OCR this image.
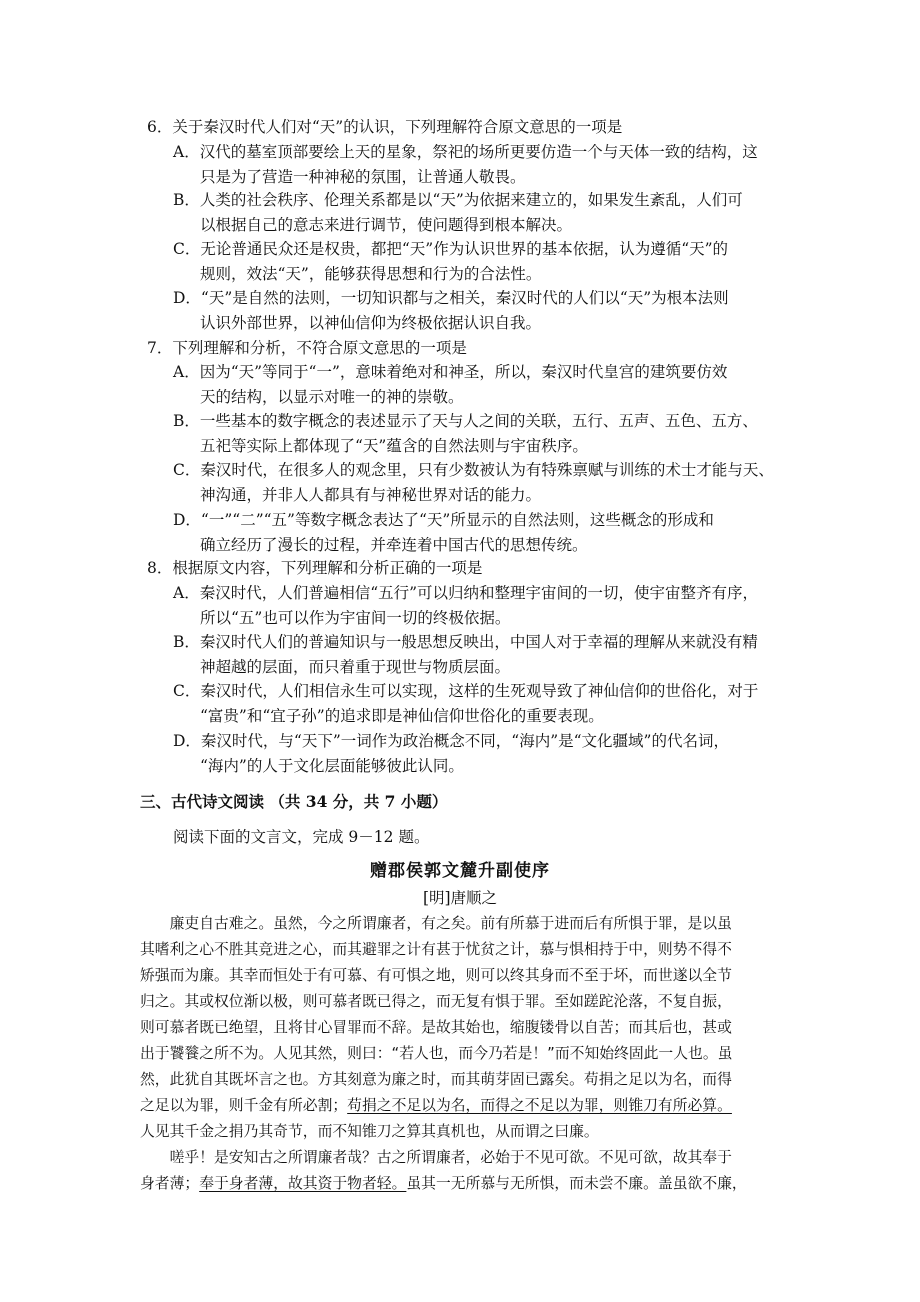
6．关于秦汉时代人们对“天”的认识，下列理解符合原文意思的一项是
A．汉代的墓室顶部要绘上天的星象，祭祀的场所更要仿造一个与天体一致的结构，这
只是为了营造一种神秘的氛围，让普通人敬畏。
B．人类的社会秩序、伦理关系都是以“天”为依据来建立的，如果发生紊乱，人们可
以根据自己的意志来进行调节，使问题得到根本解决。
C．无论普通民众还是权贵，都把“天”作为认识世界的基本依据，认为遵循“天”的
规则，效法“天”，能够获得思想和行为的合法性。
D．“天”是自然的法则，一切知识都与之相关，秦汉时代的人们以“天”为根本法则
认识外部世界，以神仙信仰为终极依据认识自我。
7．下列理解和分析，不符合原文意思的一项是
A．因为“天”等同于“一”，意味着绝对和神圣，所以，秦汉时代皇宫的建筑要仿效
天的结构，以显示对唯一的神的崇敬。
B．一些基本的数字概念的表述显示了天与人之间的关联，五行、五声、五色、五方、
五祀等实际上都体现了“天”蕴含的自然法则与宇宙秩序。
C．秦汉时代，在很多人的观念里，只有少数被认为有特殊禀赋与训练的术士才能与天、
神沟通，并非人人都具有与神秘世界对话的能力。
D．“一”“二”“五”等数字概念表达了“天”所显示的自然法则，这些概念的形成和
确立经历了漫长的过程，并牵连着中国古代的思想传统。
8．根据原文内容，下列理解和分析正确的一项是
A．秦汉时代，人们普遍相信“五行”可以归纳和整理宇宙间的一切，使宇宙整齐有序，
所以“五”也可以作为宇宙间一切的终极依据。
B．秦汉时代人们的普遍知识与一般思想反映出，中国人对于幸福的理解从来就没有精
神超越的层面，而只着重于现世与物质层面。
C．秦汉时代，人们相信永生可以实现，这样的生死观导致了神仙信仰的世俗化，对于
“富贵”和“宜子孙”的追求即是神仙信仰世俗化的重要表现。
D．秦汉时代，与“天下”一词作为政治概念不同，“海内”是“文化疆域”的代名词，
“海内”的人于文化层面能够彼此认同。
三、古代诗文阅读 （共 34 分，共 7 小题）
阅读下面的文言文，完成 9－12 题。
赠郡侯郭文麓升副使序
[明]唐顺之
　　廉吏自古难之。虽然，今之所谓廉者，有之矣。前有所慕于进而后有所惧于罪，是以虽
其嗜利之心不胜其竞进之心，而其避罪之计有甚于忧贫之计，慕与惧相持于中，则势不得不
矫强而为廉。其幸而恒处于有可慕、有可惧之地，则可以终其身而不至于坏，而世遂以全节
归之。其或权位渐以极，则可慕者既已得之，而无复有惧于罪。至如蹉跎沦落，不复自振，
则可慕者既已绝望，且将甘心冒罪而不辞。是故其始也，缩腹镂骨以自苦；而其后也，甚或
出于饕餮之所不为。人见其然，则曰：“若人也，而今乃若是！”而不知始终固此一人也。虽
然，此犹自其既坏言之也。方其刻意为廉之时，而其萌芽固已露矣。苟捐之足以为名，而得
之足以为罪，则千金有所必割；苟捐之不足以为名，而得之不足以为罪，则锥刀有所必算。
人见其千金之捐乃其奇节，而不知锥刀之算其真机也，从而谓之曰廉。
　　嗟乎！是安知古之所谓廉者哉？古之所谓廉者，必始于不见可欲。不见可欲，故其奉于
身者薄；奉于身者薄，故其资于物者轻。虽其一无所慕与无所惧，而未尝不廉。盖虽欲不廉，
